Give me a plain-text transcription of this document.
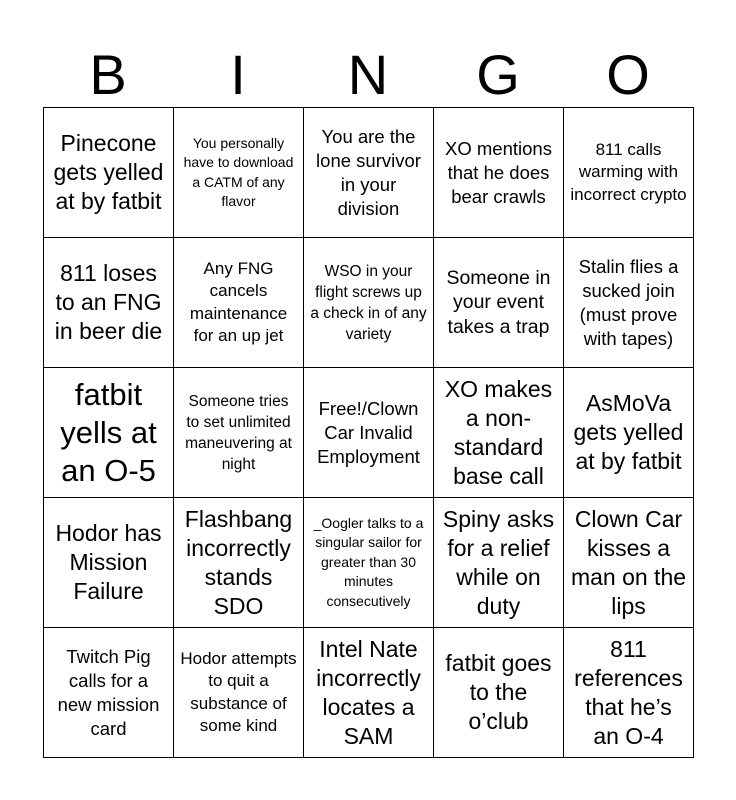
B	I	N	G	O
Pinecone gets yelled at by fatbit
You personally have to download a CATM of any flavor
You are the lone survivor in your division
XO mentions that he does bear crawls
811 calls warming with incorrect crypto
811 loses to an FNG in beer die
Any FNG cancels maintenance for an up jet
WSO in your flight screws up a check in of any variety
Someone in your event takes a trap
Stalin flies a sucked join (must prove with tapes)
fatbit yells at an O-5
Someone tries to set unlimited maneuvering at night
Free!/Clown Car Invalid Employment
XO makes a non-standard base call
AsMoVa gets yelled at by fatbit
Hodor has Mission Failure
Flashbang incorrectly stands SDO
_Oogler talks to a singular sailor for greater than 30 minutes consecutively
Spiny asks for a relief while on duty
Clown Car kisses a man on the lips
Twitch Pig calls for a new mission card
Hodor attempts to quit a substance of some kind
Intel Nate incorrectly locates a SAM
fatbit goes to the o’club
811 references that he’s an O-4
